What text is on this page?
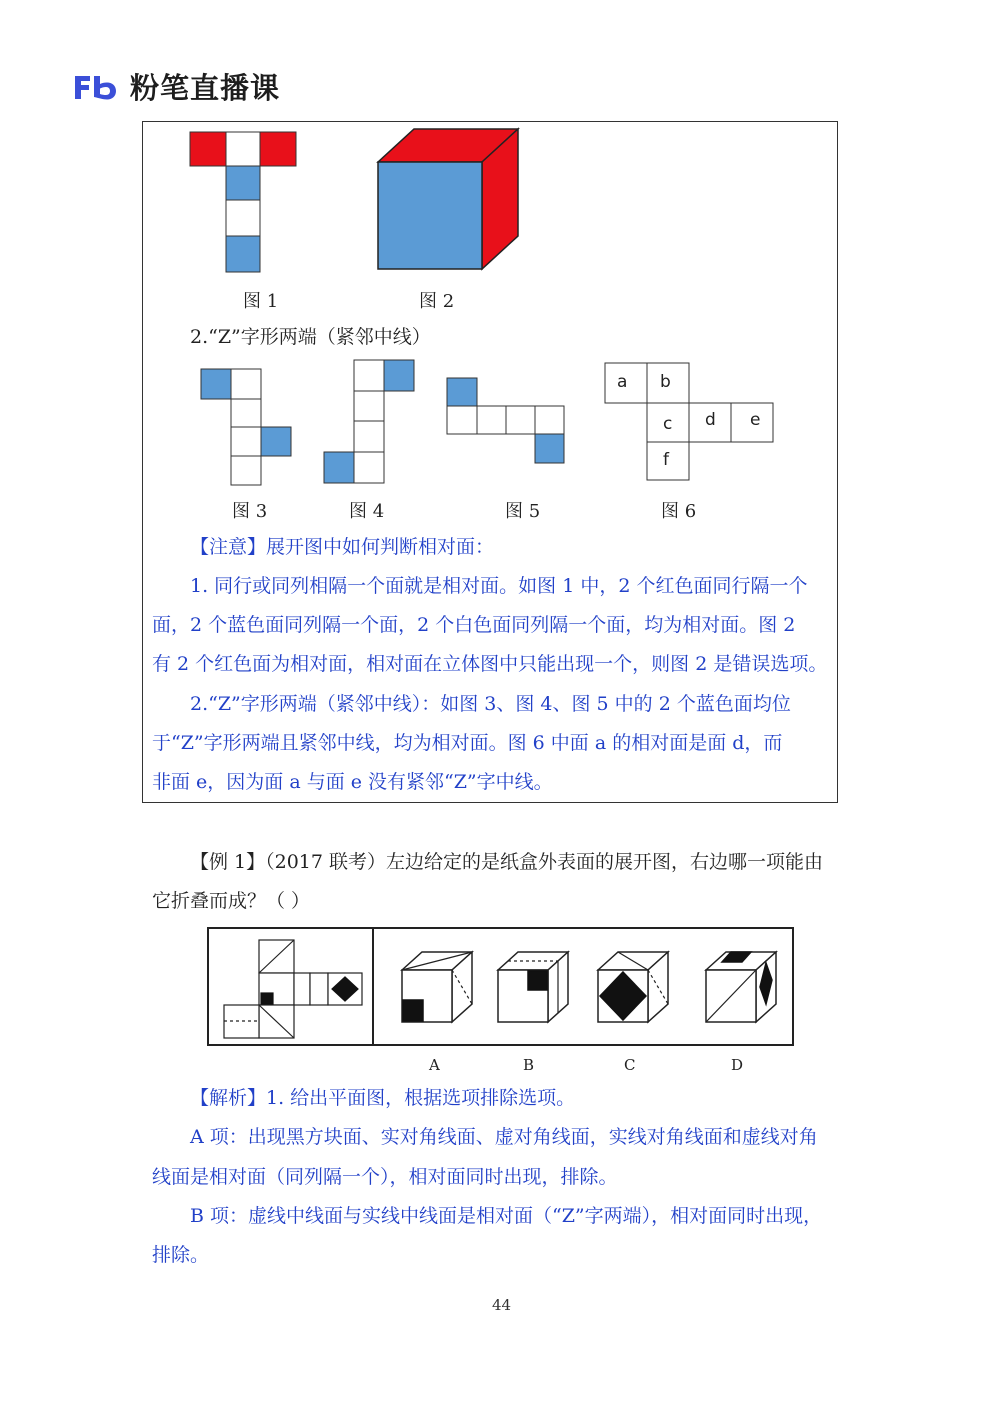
粉笔直播课
图 1	图 2
2.“Z”字形两端（紧邻中线）
图 3	图 4	图 5
a b
c d e
f
图 6
【注意】展开图中如何判断相对面：
1. 同行或同列相隔一个面就是相对面。如图 1 中，2 个红色面同行隔一个
面，2 个蓝色面同列隔一个面，2 个白色面同列隔一个面，均为相对面。图 2
有 2 个红色面为相对面，相对面在立体图中只能出现一个，则图 2 是错误选项。
2.“Z”字形两端（紧邻中线）：如图 3、图 4、图 5 中的 2 个蓝色面均位
于“Z”字形两端且紧邻中线，均为相对面。图 6 中面 a 的相对面是面 d，而
非面 e，因为面 a 与面 e 没有紧邻“Z”字中线。
【例 1】（2017 联考）左边给定的是纸盒外表面的展开图，右边哪一项能由
它折叠而成？（ ）
A	B	C	D
【解析】1. 给出平面图，根据选项排除选项。
A 项：出现黑方块面、实对角线面、虚对角线面，实线对角线面和虚线对角
线面是相对面（同列隔一个），相对面同时出现，排除。
B 项：虚线中线面与实线中线面是相对面（“Z”字两端），相对面同时出现，
排除。
44
